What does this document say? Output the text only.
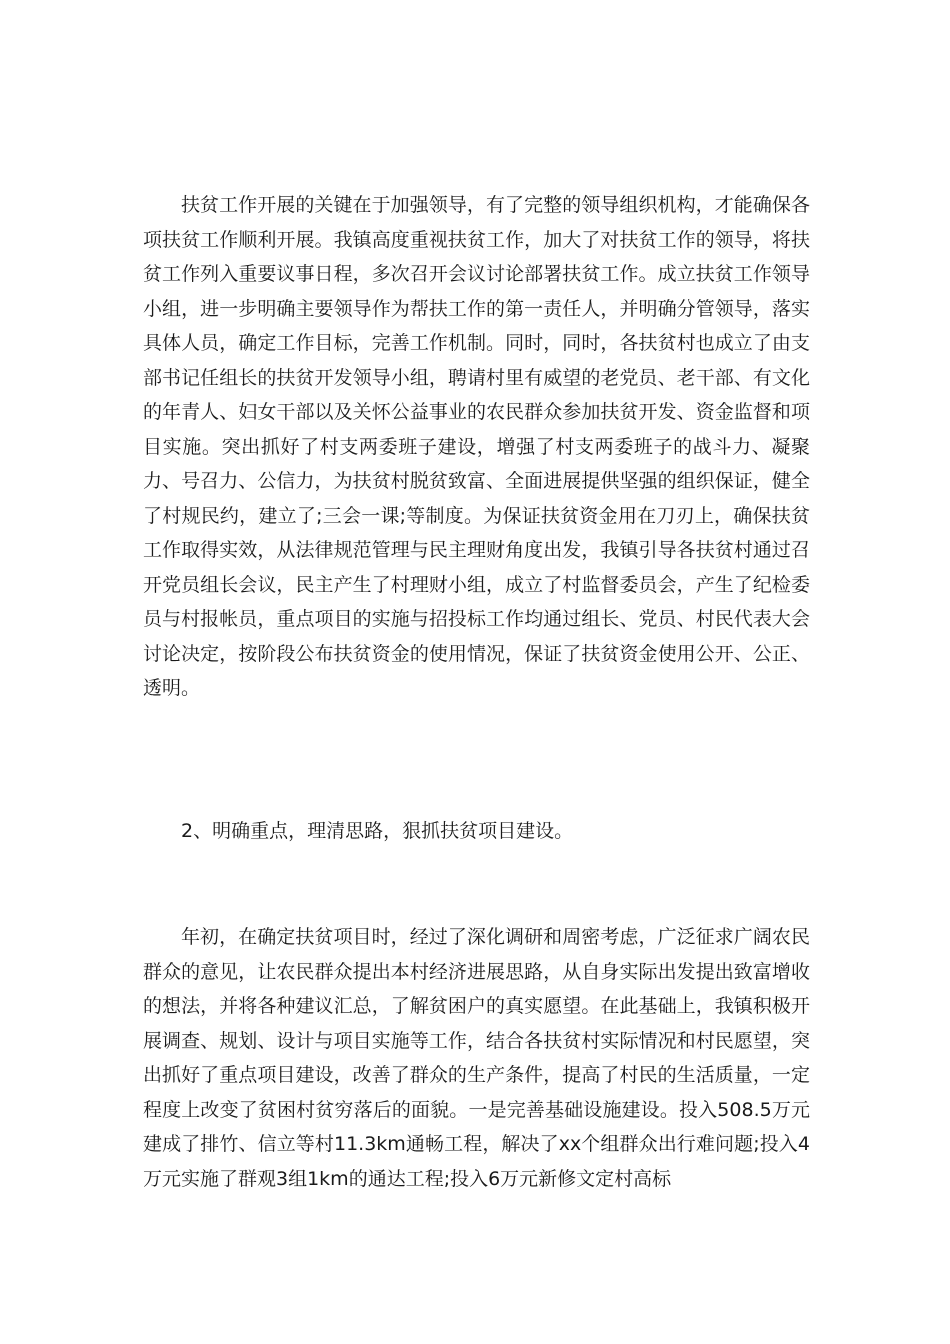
扶贫工作开展的关键在于加强领导，有了完整的领导组织机构，才能确保各项扶贫工作顺利开展。我镇高度重视扶贫工作，加大了对扶贫工作的领导，将扶贫工作列入重要议事日程，多次召开会议讨论部署扶贫工作。成立扶贫工作领导小组，进一步明确主要领导作为帮扶工作的第一责任人，并明确分管领导，落实具体人员，确定工作目标，完善工作机制。同时，同时，各扶贫村也成立了由支部书记任组长的扶贫开发领导小组，聘请村里有威望的老党员、老干部、有文化的年青人、妇女干部以及关怀公益事业的农民群众参加扶贫开发、资金监督和项目实施。突出抓好了村支两委班子建设，增强了村支两委班子的战斗力、凝聚力、号召力、公信力，为扶贫村脱贫致富、全面进展提供坚强的组织保证，健全了村规民约，建立了;三会一课;等制度。为保证扶贫资金用在刀刃上，确保扶贫工作取得实效，从法律规范管理与民主理财角度出发，我镇引导各扶贫村通过召开党员组长会议，民主产生了村理财小组，成立了村监督委员会，产生了纪检委员与村报帐员，重点项目的实施与招投标工作均通过组长、党员、村民代表大会讨论决定，按阶段公布扶贫资金的使用情况，保证了扶贫资金使用公开、公正、透明。

2、明确重点，理清思路，狠抓扶贫项目建设。

年初，在确定扶贫项目时，经过了深化调研和周密考虑，广泛征求广阔农民群众的意见，让农民群众提出本村经济进展思路，从自身实际出发提出致富增收的想法，并将各种建议汇总，了解贫困户的真实愿望。在此基础上，我镇积极开展调查、规划、设计与项目实施等工作，结合各扶贫村实际情况和村民愿望，突出抓好了重点项目建设，改善了群众的生产条件，提高了村民的生活质量，一定程度上改变了贫困村贫穷落后的面貌。一是完善基础设施建设。投入508.5万元建成了排竹、信立等村11.3km通畅工程，解决了xx个组群众出行难问题;投入4万元实施了群观3组1km的通达工程;投入6万元新修文定村高标
